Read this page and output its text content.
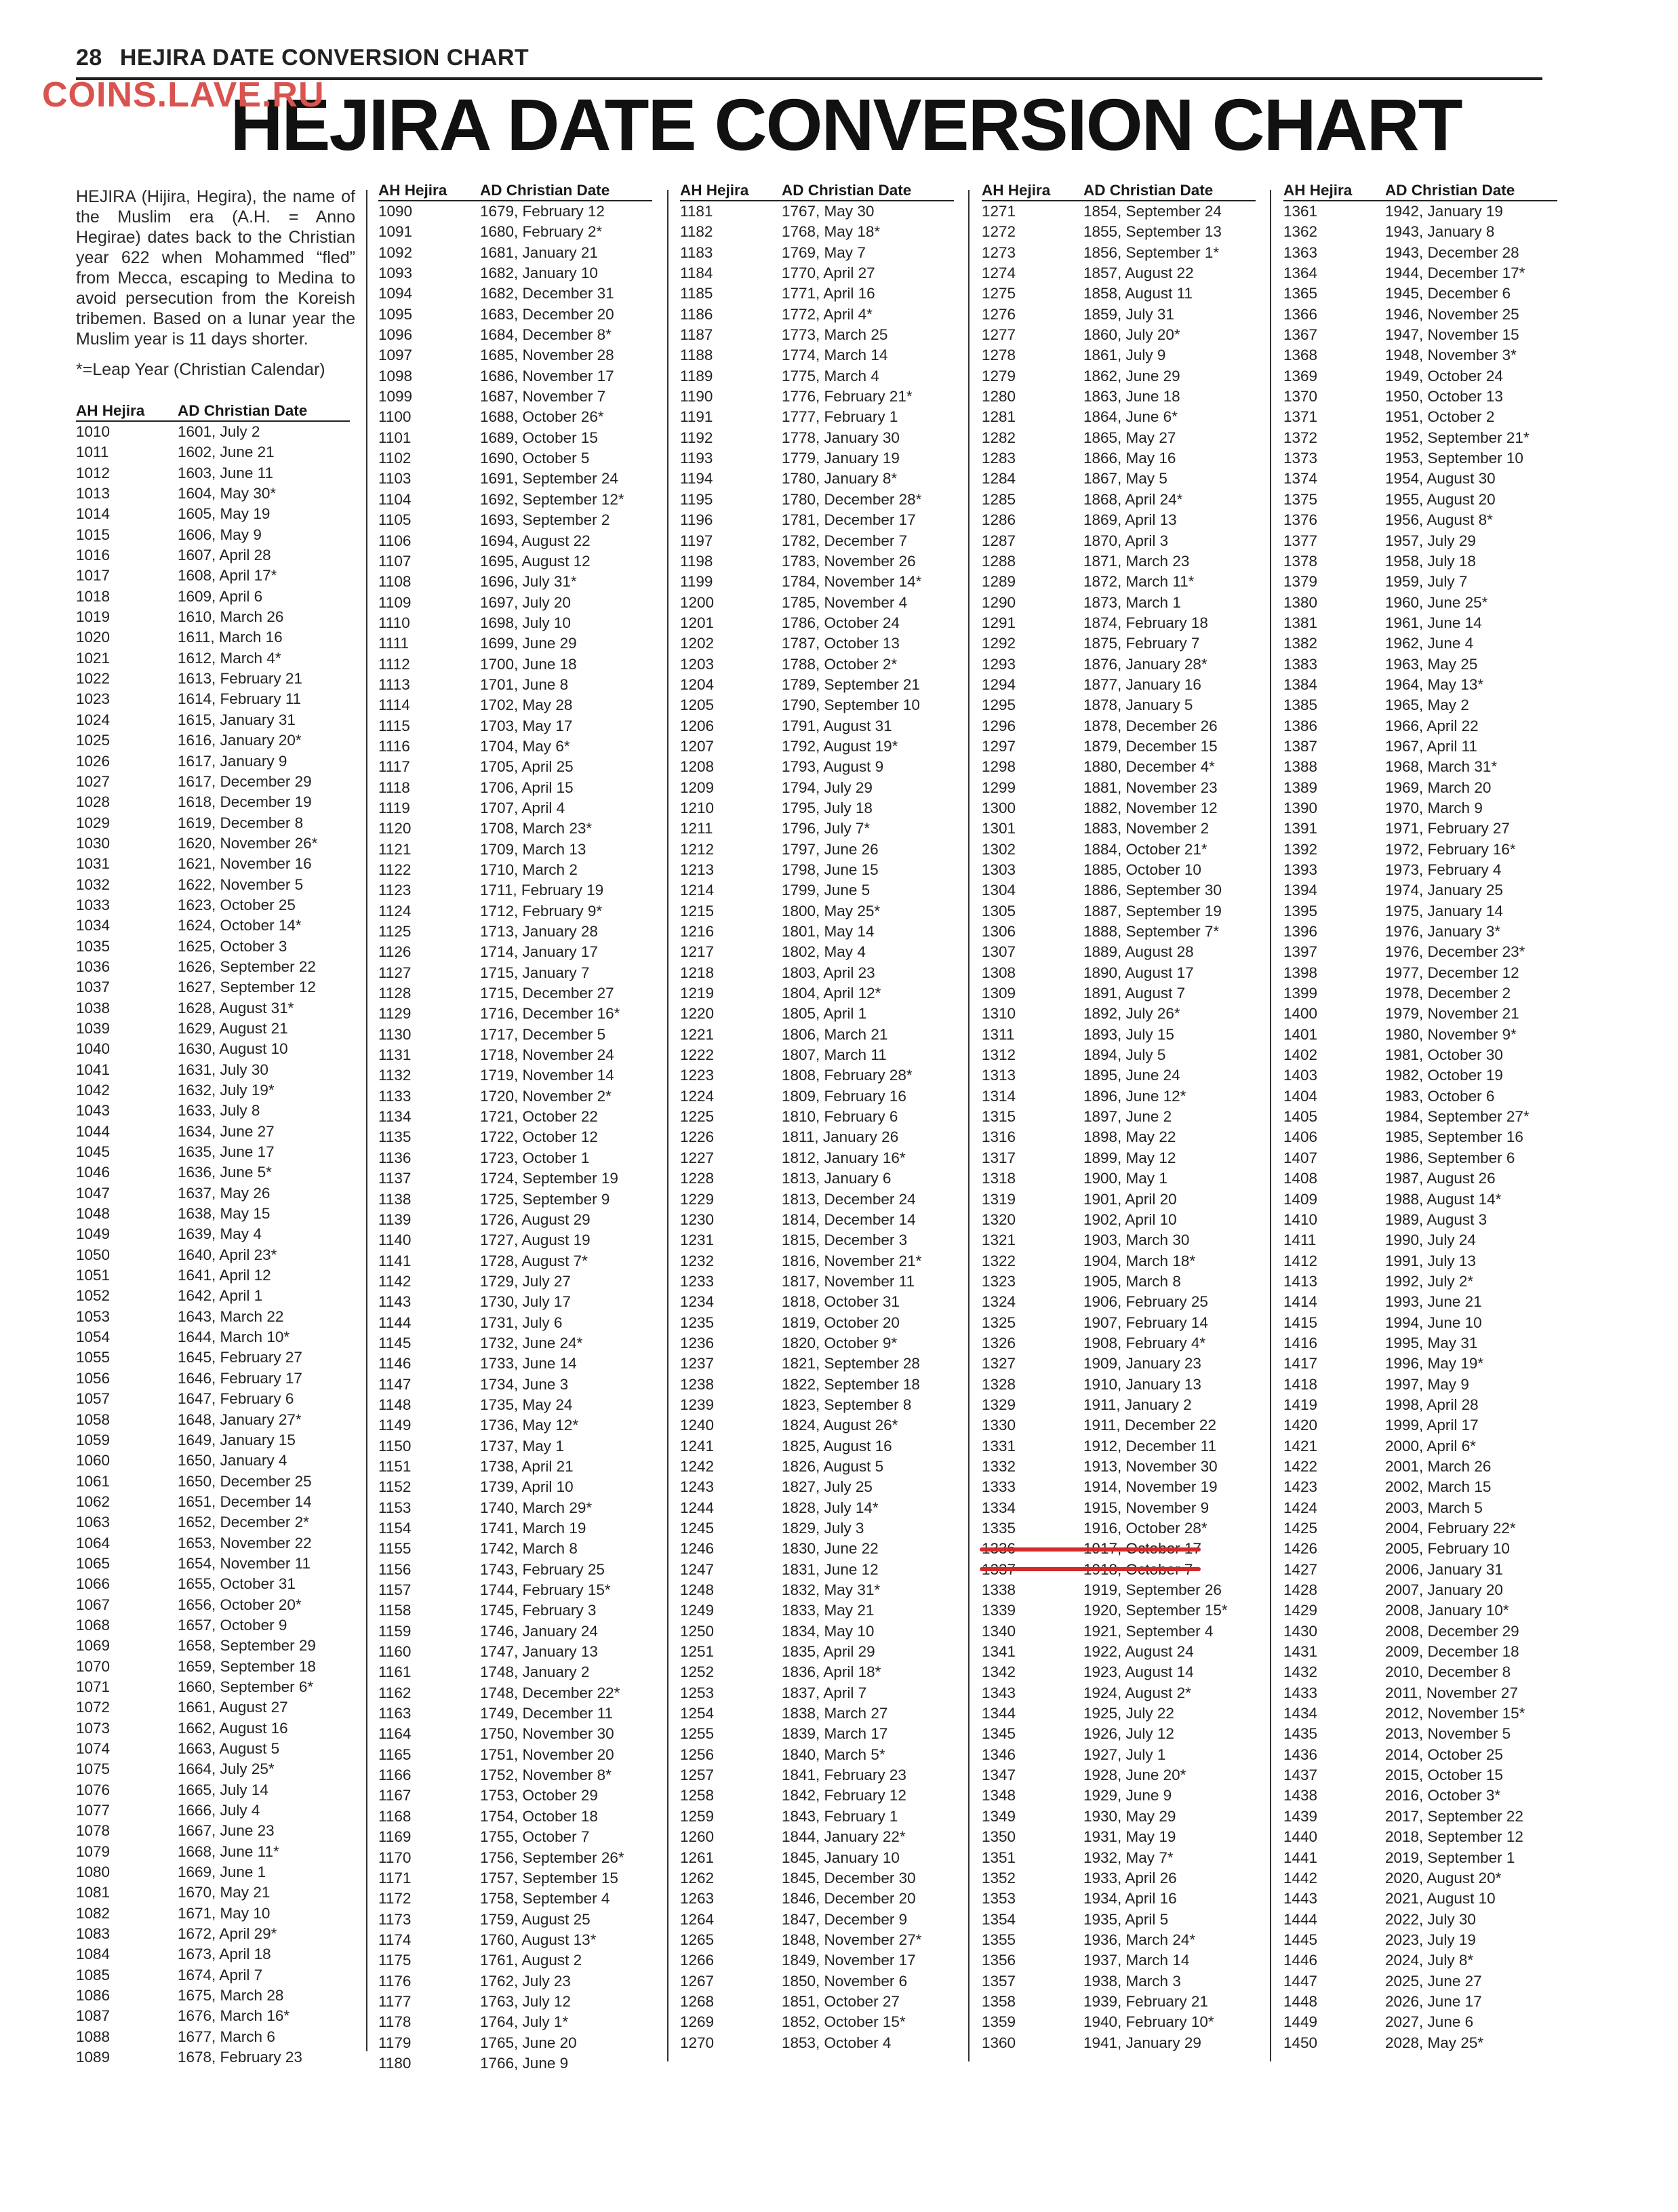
28 HEJIRA DATE CONVERSION CHART
HEJIRA DATE CONVERSION CHART
COINS.LAVE.RU

HEJIRA (Hijira, Hegira), the name of the Muslim era (A.H. = Anno Hegirae) dates back to the Christian year 622 when Mohammed “fled” from Mecca, escaping to Medina to avoid persecution from the Koreish tribemen. Based on a lunar year the Muslim year is 11 days shorter.

*=Leap Year (Christian Calendar)

AH Hejira	AD Christian Date
1010	1601, July 2
1011	1602, June 21
1012	1603, June 11
1013	1604, May 30*
1014	1605, May 19
1015	1606, May 9
1016	1607, April 28
1017	1608, April 17*
1018	1609, April 6
1019	1610, March 26
1020	1611, March 16
1021	1612, March 4*
1022	1613, February 21
1023	1614, February 11
1024	1615, January 31
1025	1616, January 20*
1026	1617, January 9
1027	1617, December 29
1028	1618, December 19
1029	1619, December 8
1030	1620, November 26*
1031	1621, November 16
1032	1622, November 5
1033	1623, October 25
1034	1624, October 14*
1035	1625, October 3
1036	1626, September 22
1037	1627, September 12
1038	1628, August 31*
1039	1629, August 21
1040	1630, August 10
1041	1631, July 30
1042	1632, July 19*
1043	1633, July 8
1044	1634, June 27
1045	1635, June 17
1046	1636, June 5*
1047	1637, May 26
1048	1638, May 15
1049	1639, May 4
1050	1640, April 23*
1051	1641, April 12
1052	1642, April 1
1053	1643, March 22
1054	1644, March 10*
1055	1645, February 27
1056	1646, February 17
1057	1647, February 6
1058	1648, January 27*
1059	1649, January 15
1060	1650, January 4
1061	1650, December 25
1062	1651, December 14
1063	1652, December 2*
1064	1653, November 22
1065	1654, November 11
1066	1655, October 31
1067	1656, October 20*
1068	1657, October 9
1069	1658, September 29
1070	1659, September 18
1071	1660, September 6*
1072	1661, August 27
1073	1662, August 16
1074	1663, August 5
1075	1664, July 25*
1076	1665, July 14
1077	1666, July 4
1078	1667, June 23
1079	1668, June 11*
1080	1669, June 1
1081	1670, May 21
1082	1671, May 10
1083	1672, April 29*
1084	1673, April 18
1085	1674, April 7
1086	1675, March 28
1087	1676, March 16*
1088	1677, March 6
1089	1678, February 23
AH Hejira	AD Christian Date
1090	1679, February 12
1091	1680, February 2*
1092	1681, January 21
1093	1682, January 10
1094	1682, December 31
1095	1683, December 20
1096	1684, December 8*
1097	1685, November 28
1098	1686, November 17
1099	1687, November 7
1100	1688, October 26*
1101	1689, October 15
1102	1690, October 5
1103	1691, September 24
1104	1692, September 12*
1105	1693, September 2
1106	1694, August 22
1107	1695, August 12
1108	1696, July 31*
1109	1697, July 20
1110	1698, July 10
1111	1699, June 29
1112	1700, June 18
1113	1701, June 8
1114	1702, May 28
1115	1703, May 17
1116	1704, May 6*
1117	1705, April 25
1118	1706, April 15
1119	1707, April 4
1120	1708, March 23*
1121	1709, March 13
1122	1710, March 2
1123	1711, February 19
1124	1712, February 9*
1125	1713, January 28
1126	1714, January 17
1127	1715, January 7
1128	1715, December 27
1129	1716, December 16*
1130	1717, December 5
1131	1718, November 24
1132	1719, November 14
1133	1720, November 2*
1134	1721, October 22
1135	1722, October 12
1136	1723, October 1
1137	1724, September 19
1138	1725, September 9
1139	1726, August 29
1140	1727, August 19
1141	1728, August 7*
1142	1729, July 27
1143	1730, July 17
1144	1731, July 6
1145	1732, June 24*
1146	1733, June 14
1147	1734, June 3
1148	1735, May 24
1149	1736, May 12*
1150	1737, May 1
1151	1738, April 21
1152	1739, April 10
1153	1740, March 29*
1154	1741, March 19
1155	1742, March 8
1156	1743, February 25
1157	1744, February 15*
1158	1745, February 3
1159	1746, January 24
1160	1747, January 13
1161	1748, January 2
1162	1748, December 22*
1163	1749, December 11
1164	1750, November 30
1165	1751, November 20
1166	1752, November 8*
1167	1753, October 29
1168	1754, October 18
1169	1755, October 7
1170	1756, September 26*
1171	1757, September 15
1172	1758, September 4
1173	1759, August 25
1174	1760, August 13*
1175	1761, August 2
1176	1762, July 23
1177	1763, July 12
1178	1764, July 1*
1179	1765, June 20
1180	1766, June 9
AH Hejira	AD Christian Date
1181	1767, May 30
1182	1768, May 18*
1183	1769, May 7
1184	1770, April 27
1185	1771, April 16
1186	1772, April 4*
1187	1773, March 25
1188	1774, March 14
1189	1775, March 4
1190	1776, February 21*
1191	1777, February 1
1192	1778, January 30
1193	1779, January 19
1194	1780, January 8*
1195	1780, December 28*
1196	1781, December 17
1197	1782, December 7
1198	1783, November 26
1199	1784, November 14*
1200	1785, November 4
1201	1786, October 24
1202	1787, October 13
1203	1788, October 2*
1204	1789, September 21
1205	1790, September 10
1206	1791, August 31
1207	1792, August 19*
1208	1793, August 9
1209	1794, July 29
1210	1795, July 18
1211	1796, July 7*
1212	1797, June 26
1213	1798, June 15
1214	1799, June 5
1215	1800, May 25*
1216	1801, May 14
1217	1802, May 4
1218	1803, April 23
1219	1804, April 12*
1220	1805, April 1
1221	1806, March 21
1222	1807, March 11
1223	1808, February 28*
1224	1809, February 16
1225	1810, February 6
1226	1811, January 26
1227	1812, January 16*
1228	1813, January 6
1229	1813, December 24
1230	1814, December 14
1231	1815, December 3
1232	1816, November 21*
1233	1817, November 11
1234	1818, October 31
1235	1819, October 20
1236	1820, October 9*
1237	1821, September 28
1238	1822, September 18
1239	1823, September 8
1240	1824, August 26*
1241	1825, August 16
1242	1826, August 5
1243	1827, July 25
1244	1828, July 14*
1245	1829, July 3
1246	1830, June 22
1247	1831, June 12
1248	1832, May 31*
1249	1833, May 21
1250	1834, May 10
1251	1835, April 29
1252	1836, April 18*
1253	1837, April 7
1254	1838, March 27
1255	1839, March 17
1256	1840, March 5*
1257	1841, February 23
1258	1842, February 12
1259	1843, February 1
1260	1844, January 22*
1261	1845, January 10
1262	1845, December 30
1263	1846, December 20
1264	1847, December 9
1265	1848, November 27*
1266	1849, November 17
1267	1850, November 6
1268	1851, October 27
1269	1852, October 15*
1270	1853, October 4
AH Hejira	AD Christian Date
1271	1854, September 24
1272	1855, September 13
1273	1856, September 1*
1274	1857, August 22
1275	1858, August 11
1276	1859, July 31
1277	1860, July 20*
1278	1861, July 9
1279	1862, June 29
1280	1863, June 18
1281	1864, June 6*
1282	1865, May 27
1283	1866, May 16
1284	1867, May 5
1285	1868, April 24*
1286	1869, April 13
1287	1870, April 3
1288	1871, March 23
1289	1872, March 11*
1290	1873, March 1
1291	1874, February 18
1292	1875, February 7
1293	1876, January 28*
1294	1877, January 16
1295	1878, January 5
1296	1878, December 26
1297	1879, December 15
1298	1880, December 4*
1299	1881, November 23
1300	1882, November 12
1301	1883, November 2
1302	1884, October 21*
1303	1885, October 10
1304	1886, September 30
1305	1887, September 19
1306	1888, September 7*
1307	1889, August 28
1308	1890, August 17
1309	1891, August 7
1310	1892, July 26*
1311	1893, July 15
1312	1894, July 5
1313	1895, June 24
1314	1896, June 12*
1315	1897, June 2
1316	1898, May 22
1317	1899, May 12
1318	1900, May 1
1319	1901, April 20
1320	1902, April 10
1321	1903, March 30
1322	1904, March 18*
1323	1905, March 8
1324	1906, February 25
1325	1907, February 14
1326	1908, February 4*
1327	1909, January 23
1328	1910, January 13
1329	1911, January 2
1330	1911, December 22
1331	1912, December 11
1332	1913, November 30
1333	1914, November 19
1334	1915, November 9
1335	1916, October 28*
1336	1917, October 17
1337	1918, October 7
1338	1919, September 26
1339	1920, September 15*
1340	1921, September 4
1341	1922, August 24
1342	1923, August 14
1343	1924, August 2*
1344	1925, July 22
1345	1926, July 12
1346	1927, July 1
1347	1928, June 20*
1348	1929, June 9
1349	1930, May 29
1350	1931, May 19
1351	1932, May 7*
1352	1933, April 26
1353	1934, April 16
1354	1935, April 5
1355	1936, March 24*
1356	1937, March 14
1357	1938, March 3
1358	1939, February 21
1359	1940, February 10*
1360	1941, January 29
AH Hejira	AD Christian Date
1361	1942, January 19
1362	1943, January 8
1363	1943, December 28
1364	1944, December 17*
1365	1945, December 6
1366	1946, November 25
1367	1947, November 15
1368	1948, November 3*
1369	1949, October 24
1370	1950, October 13
1371	1951, October 2
1372	1952, September 21*
1373	1953, September 10
1374	1954, August 30
1375	1955, August 20
1376	1956, August 8*
1377	1957, July 29
1378	1958, July 18
1379	1959, July 7
1380	1960, June 25*
1381	1961, June 14
1382	1962, June 4
1383	1963, May 25
1384	1964, May 13*
1385	1965, May 2
1386	1966, April 22
1387	1967, April 11
1388	1968, March 31*
1389	1969, March 20
1390	1970, March 9
1391	1971, February 27
1392	1972, February 16*
1393	1973, February 4
1394	1974, January 25
1395	1975, January 14
1396	1976, January 3*
1397	1976, December 23*
1398	1977, December 12
1399	1978, December 2
1400	1979, November 21
1401	1980, November 9*
1402	1981, October 30
1403	1982, October 19
1404	1983, October 6
1405	1984, September 27*
1406	1985, September 16
1407	1986, September 6
1408	1987, August 26
1409	1988, August 14*
1410	1989, August 3
1411	1990, July 24
1412	1991, July 13
1413	1992, July 2*
1414	1993, June 21
1415	1994, June 10
1416	1995, May 31
1417	1996, May 19*
1418	1997, May 9
1419	1998, April 28
1420	1999, April 17
1421	2000, April 6*
1422	2001, March 26
1423	2002, March 15
1424	2003, March 5
1425	2004, February 22*
1426	2005, February 10
1427	2006, January 31
1428	2007, January 20
1429	2008, January 10*
1430	2008, December 29
1431	2009, December 18
1432	2010, December 8
1433	2011, November 27
1434	2012, November 15*
1435	2013, November 5
1436	2014, October 25
1437	2015, October 15
1438	2016, October 3*
1439	2017, September 22
1440	2018, September 12
1441	2019, September 1
1442	2020, August 20*
1443	2021, August 10
1444	2022, July 30
1445	2023, July 19
1446	2024, July 8*
1447	2025, June 27
1448	2026, June 17
1449	2027, June 6
1450	2028, May 25*
